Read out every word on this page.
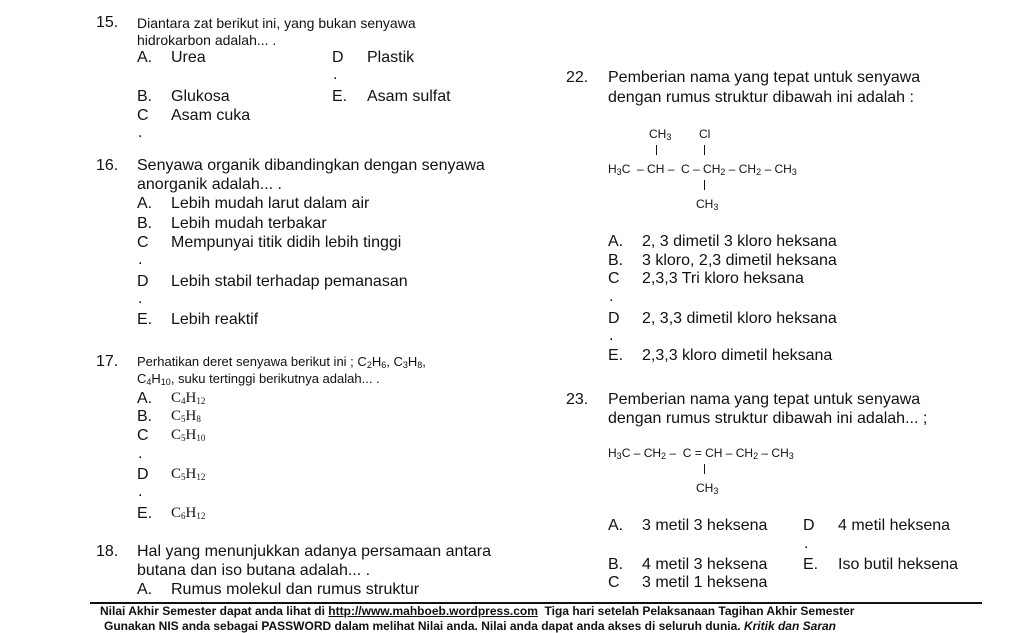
15. Diantara zat berikut ini, yang bukan senyawa
hidrokarbon adalah... .
A. Urea	D Plastik
.
B. Glukosa	E. Asam sulfat
C Asam cuka
.
16. Senyawa organik dibandingkan dengan senyawa
anorganik adalah... .
A. Lebih mudah larut dalam air
B. Lebih mudah terbakar
C Mempunyai titik didih lebih tinggi
.
D Lebih stabil terhadap pemanasan
.
E. Lebih reaktif
17. Perhatikan deret senyawa berikut ini ; $C_2H_6$, $C_3H_8$,
$C_4H_{10}$, suku tertinggi berikutnya adalah... .
A. $C_4H_{12}$
B. $C_5H_8$
C $C_5H_{10}$
.
D $C_5H_{12}$
.
E. $C_6H_{12}$
18. Hal yang menunjukkan adanya persamaan antara
butana dan iso butana adalah... .
A. Rumus molekul dan rumus struktur
22. Pemberian nama yang tepat untuk senyawa
dengan rumus struktur dibawah ini adalah :
$CH_3$ Cl
$H_3C$  – CH –  C – $CH_2 - CH_2 - CH_3$
$CH_3$
A. 2, 3 dimetil 3 kloro heksana
B. 3 kloro, 2,3 dimetil heksana
C 2,3,3 Tri kloro heksana
.
D 2, 3,3 dimetil kloro heksana
.
E. 2,3,3 kloro dimetil heksana
23. Pemberian nama yang tepat untuk senyawa
dengan rumus struktur dibawah ini adalah... ;
$H_3C - CH_2$ –  C = CH – $CH_2 - CH_3$
$CH_3$
A. 3 metil 3 heksena D 4 metil heksena
.
B. 4 metil 3 heksena E. Iso butil heksena
C 3 metil 1 heksena
Nilai Akhir Semester dapat anda lihat di http://www.mahboeb.wordpress.com Tiga hari setelah Pelaksanaan Tagihan Akhir Semester
Gunakan NIS anda sebagai PASSWORD dalam melihat Nilai anda. Nilai anda dapat anda akses di seluruh dunia. Kritik dan Saran
